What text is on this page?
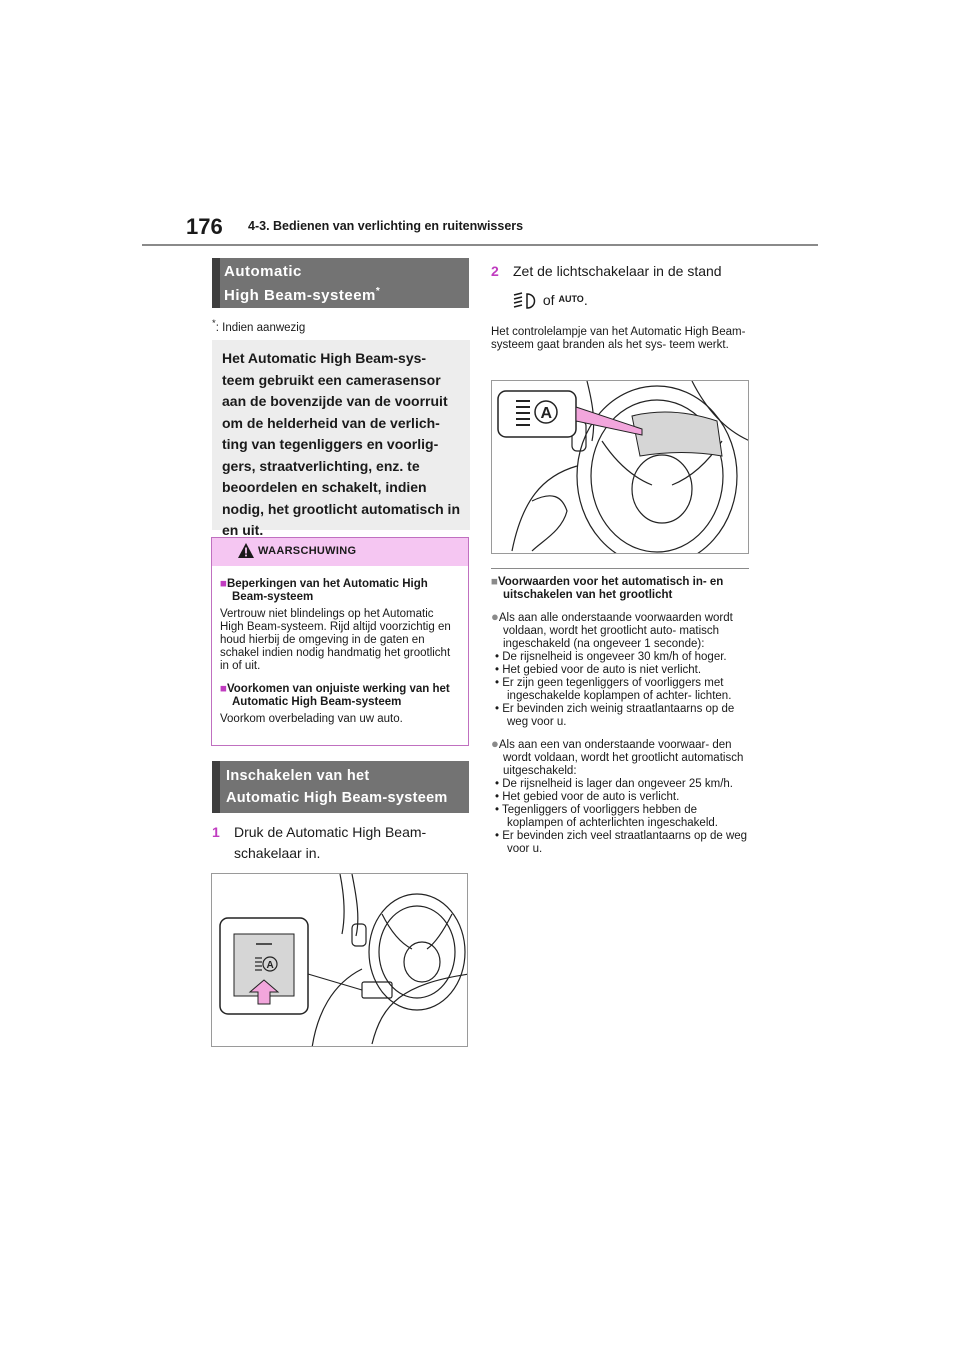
176 4-3. Bedienen van verlichting en ruitenwissers
Automatic
High Beam-systeem*
*: Indien aanwezig
Het Automatic High Beam-sys- teem gebruikt een camerasensor aan de bovenzijde van de voorruit om de helderheid van de verlich- ting van tegenliggers en voorlig- gers, straatverlichting, enz. te beoordelen en schakelt, indien nodig, het grootlicht automatisch in en uit.
WAARSCHUWING
■Beperkingen van het Automatic High Beam-systeem
Vertrouw niet blindelings op het Automatic High Beam-systeem. Rijd altijd voorzichtig en houd hierbij de omgeving in de gaten en schakel indien nodig handmatig het grootlicht in of uit.
■Voorkomen van onjuiste werking van het Automatic High Beam-systeem
Voorkom overbelading van uw auto.
Inschakelen van het
Automatic High Beam-systeem
1 Druk de Automatic High Beam- schakelaar in.
A
2 Zet de lichtschakelaar in de stand
of $^{AUTO}$.
Het controlelampje van het Automatic High Beam-systeem gaat branden als het sys- teem werkt.
A
■Voorwaarden voor het automatisch in- en uitschakelen van het grootlicht
●Als aan alle onderstaande voorwaarden wordt voldaan, wordt het grootlicht auto- matisch ingeschakeld (na ongeveer 1 seconde):
• De rijsnelheid is ongeveer 30 km/h of hoger.
• Het gebied voor de auto is niet verlicht.
• Er zijn geen tegenliggers of voorliggers met ingeschakelde koplampen of achter- lichten.
• Er bevinden zich weinig straatlantaarns op de weg voor u.
●Als aan een van onderstaande voorwaar- den wordt voldaan, wordt het grootlicht automatisch uitgeschakeld:
• De rijsnelheid is lager dan ongeveer 25 km/h.
• Het gebied voor de auto is verlicht.
• Tegenliggers of voorliggers hebben de koplampen of achterlichten ingeschakeld.
• Er bevinden zich veel straatlantaarns op de weg voor u.
